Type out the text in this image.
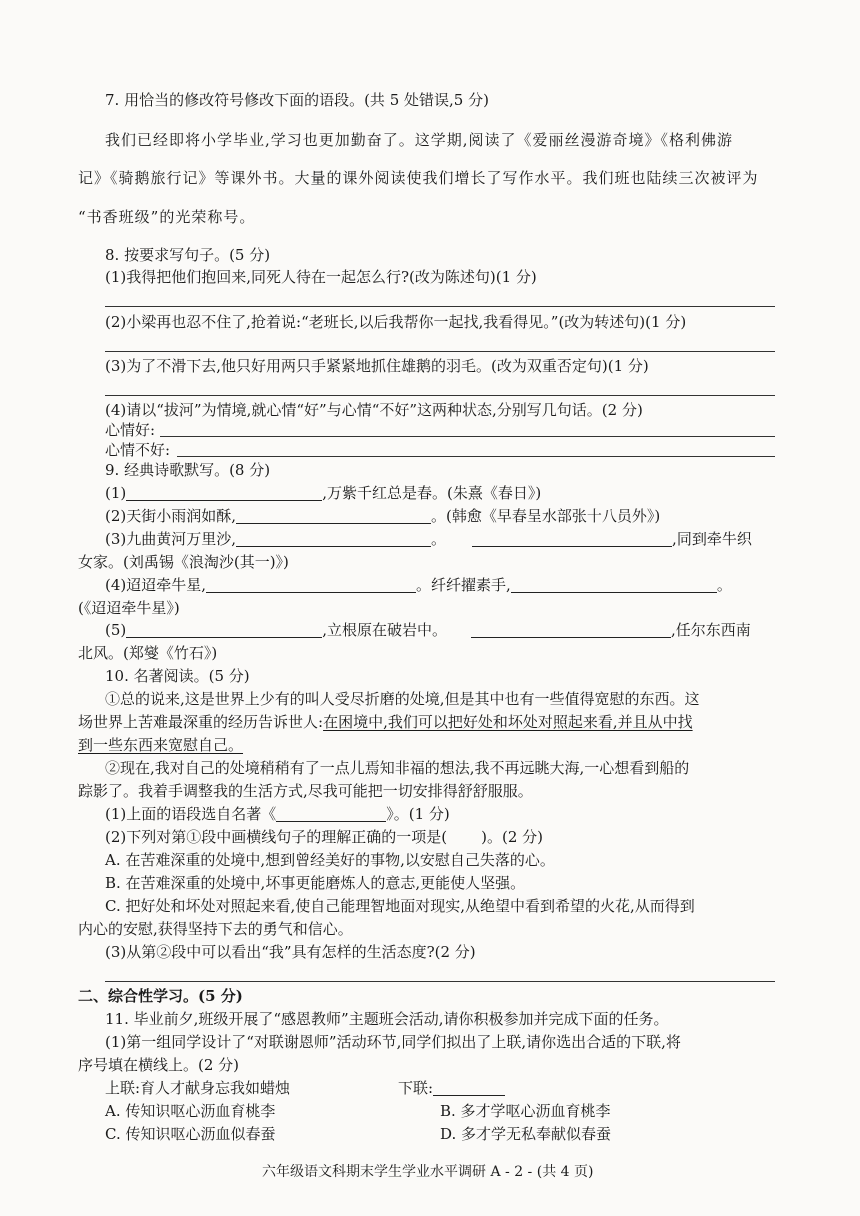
7. 用恰当的修改符号修改下面的语段。(共 5 处错误,5 分)
我们已经即将小学毕业,学习也更加勤奋了。这学期,阅读了《爱丽丝漫游奇境》《格利佛游
记》《骑鹅旅行记》等课外书。大量的课外阅读使我们增长了写作水平。我们班也陆续三次被评为
“书香班级”的光荣称号。
8. 按要求写句子。(5 分)
(1)我得把他们抱回来,同死人待在一起怎么行?(改为陈述句)(1 分)
(2)小梁再也忍不住了,抢着说:“老班长,以后我帮你一起找,我看得见。”(改为转述句)(1 分)
(3)为了不滑下去,他只好用两只手紧紧地抓住雄鹅的羽毛。(改为双重否定句)(1 分)
(4)请以“拔河”为情境,就心情“好”与心情“不好”这两种状态,分别写几句话。(2 分)
心情好:
心情不好:
9. 经典诗歌默写。(8 分)
(1)	,万紫千红总是春。(朱熹《春日》)
(2)天街小雨润如酥,	。(韩愈《早春呈水部张十八员外》)
(3)九曲黄河万里沙,	。	,同到牵牛织
女家。(刘禹锡《浪淘沙(其一)》)
(4)迢迢牵牛星,	。纤纤擢素手,	。
(《迢迢牵牛星》)
(5)	,立根原在破岩中。	,任尔东西南
北风。(郑燮《竹石》)
10. 名著阅读。(5 分)
①总的说来,这是世界上少有的叫人受尽折磨的处境,但是其中也有一些值得宽慰的东西。这
场世界上苦难最深重的经历告诉世人:在困境中,我们可以把好处和坏处对照起来看,并且从中找
到一些东西来宽慰自己。
②现在,我对自己的处境稍稍有了一点儿焉知非福的想法,我不再远眺大海,一心想看到船的
踪影了。我着手调整我的生活方式,尽我可能把一切安排得舒舒服服。
(1)上面的语段选自名著《	》。(1 分)
(2)下列对第①段中画横线句子的理解正确的一项是( )。(2 分)
A. 在苦难深重的处境中,想到曾经美好的事物,以安慰自己失落的心。
B. 在苦难深重的处境中,坏事更能磨炼人的意志,更能使人坚强。
C. 把好处和坏处对照起来看,使自己能理智地面对现实,从绝望中看到希望的火花,从而得到
内心的安慰,获得坚持下去的勇气和信心。
(3)从第②段中可以看出“我”具有怎样的生活态度?(2 分)
二、综合性学习。(5 分)
11. 毕业前夕,班级开展了“感恩教师”主题班会活动,请你积极参加并完成下面的任务。
(1)第一组同学设计了“对联谢恩师”活动环节,同学们拟出了上联,请你选出合适的下联,将
序号填在横线上。(2 分)
上联:育人才献身忘我如蜡烛	下联:
A. 传知识呕心沥血育桃李	B. 多才学呕心沥血育桃李
C. 传知识呕心沥血似春蚕	D. 多才学无私奉献似春蚕
六年级语文科期末学生学业水平调研 A - 2 - (共 4 页)
